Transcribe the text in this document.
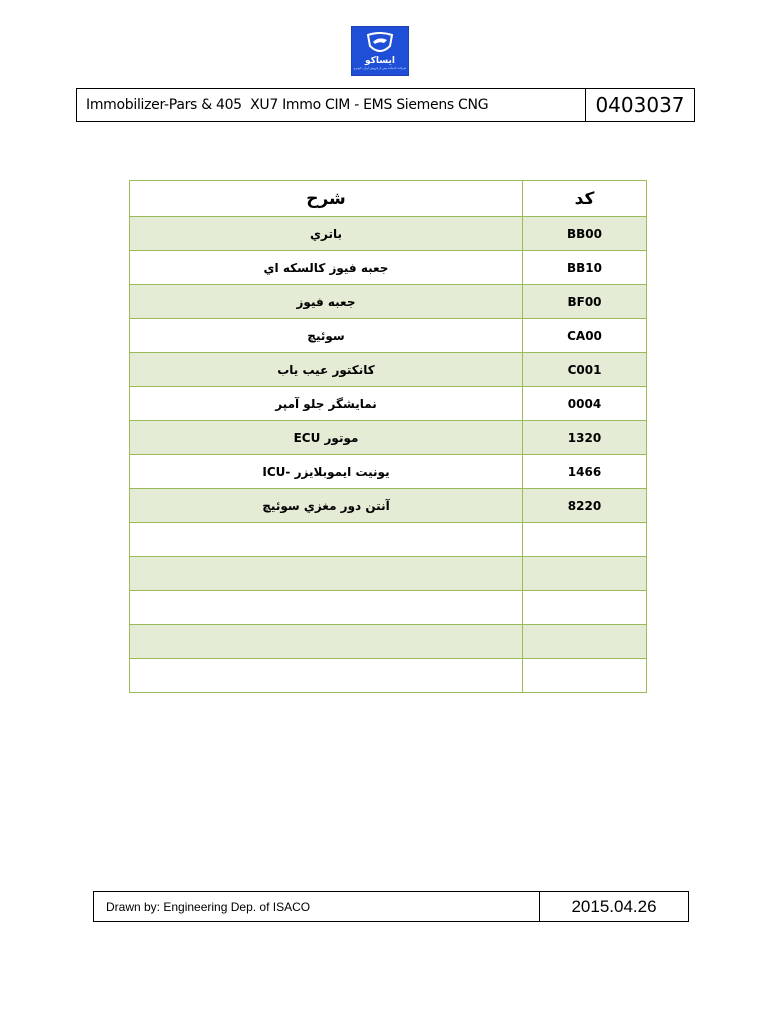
ایساکو
شرکت خدمات پس از فروش ایران خودرو
Immobilizer-Pars & 405  XU7 Immo CIM - EMS Siemens CNG	0403037
شرح	کد
باتري	BB00
جعبه فيوز كالسكه اي	BB10
جعبه فيوز	BF00
سوئيچ	CA00
كانكتور عيب ياب	C001
نمايشگر جلو آمپر	0004
موتور ECU	1320
يونيت ايموبلايزر -ICU	1466
آنتن دور مغزي سوئيچ	8220

Drawn by: Engineering Dep. of ISACO	2015.04.26
